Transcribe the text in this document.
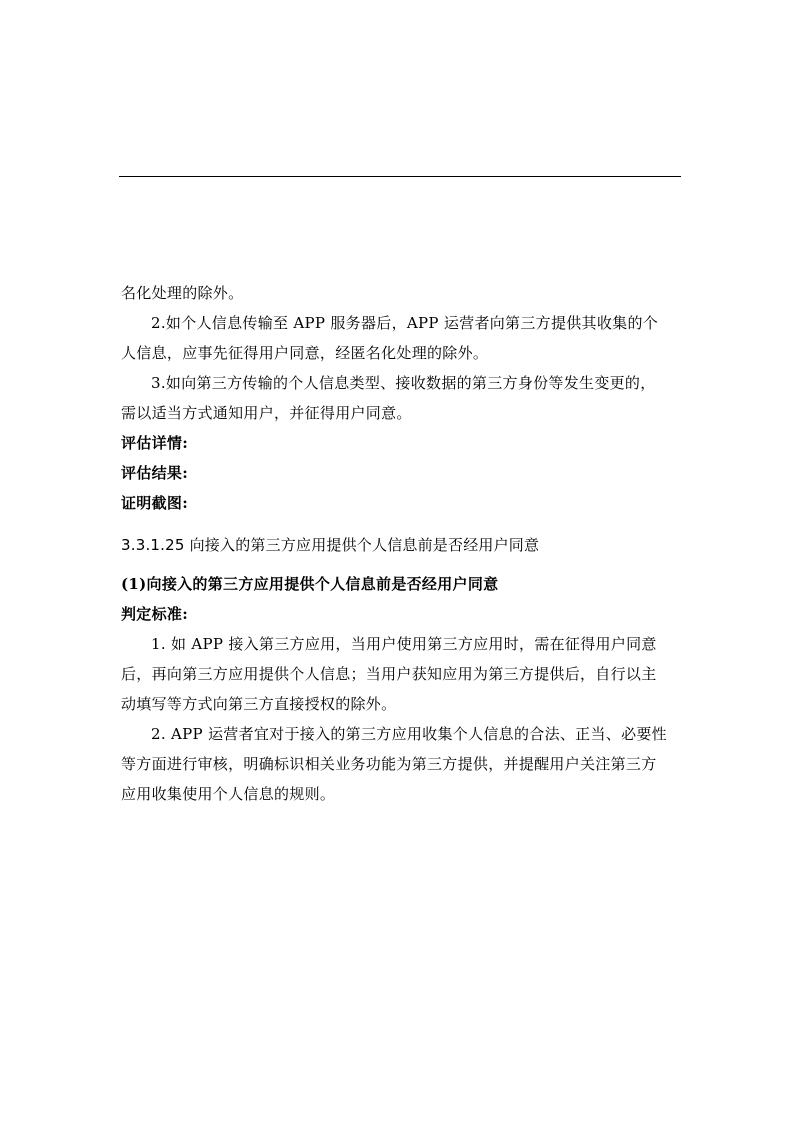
名化处理的除外。

2.如个人信息传输至 APP 服务器后，APP 运营者向第三方提供其收集的个

人信息，应事先征得用户同意，经匿名化处理的除外。

3.如向第三方传输的个人信息类型、接收数据的第三方身份等发生变更的，

需以适当方式通知用户，并征得用户同意。

评估详情:

评估结果:

证明截图:

3.3.1.25 向接入的第三方应用提供个人信息前是否经用户同意

(1)向接入的第三方应用提供个人信息前是否经用户同意

判定标准:

1. 如 APP 接入第三方应用，当用户使用第三方应用时，需在征得用户同意

后，再向第三方应用提供个人信息；当用户获知应用为第三方提供后，自行以主

动填写等方式向第三方直接授权的除外。

2. APP 运营者宜对于接入的第三方应用收集个人信息的合法、正当、必要性

等方面进行审核，明确标识相关业务功能为第三方提供，并提醒用户关注第三方

应用收集使用个人信息的规则。
